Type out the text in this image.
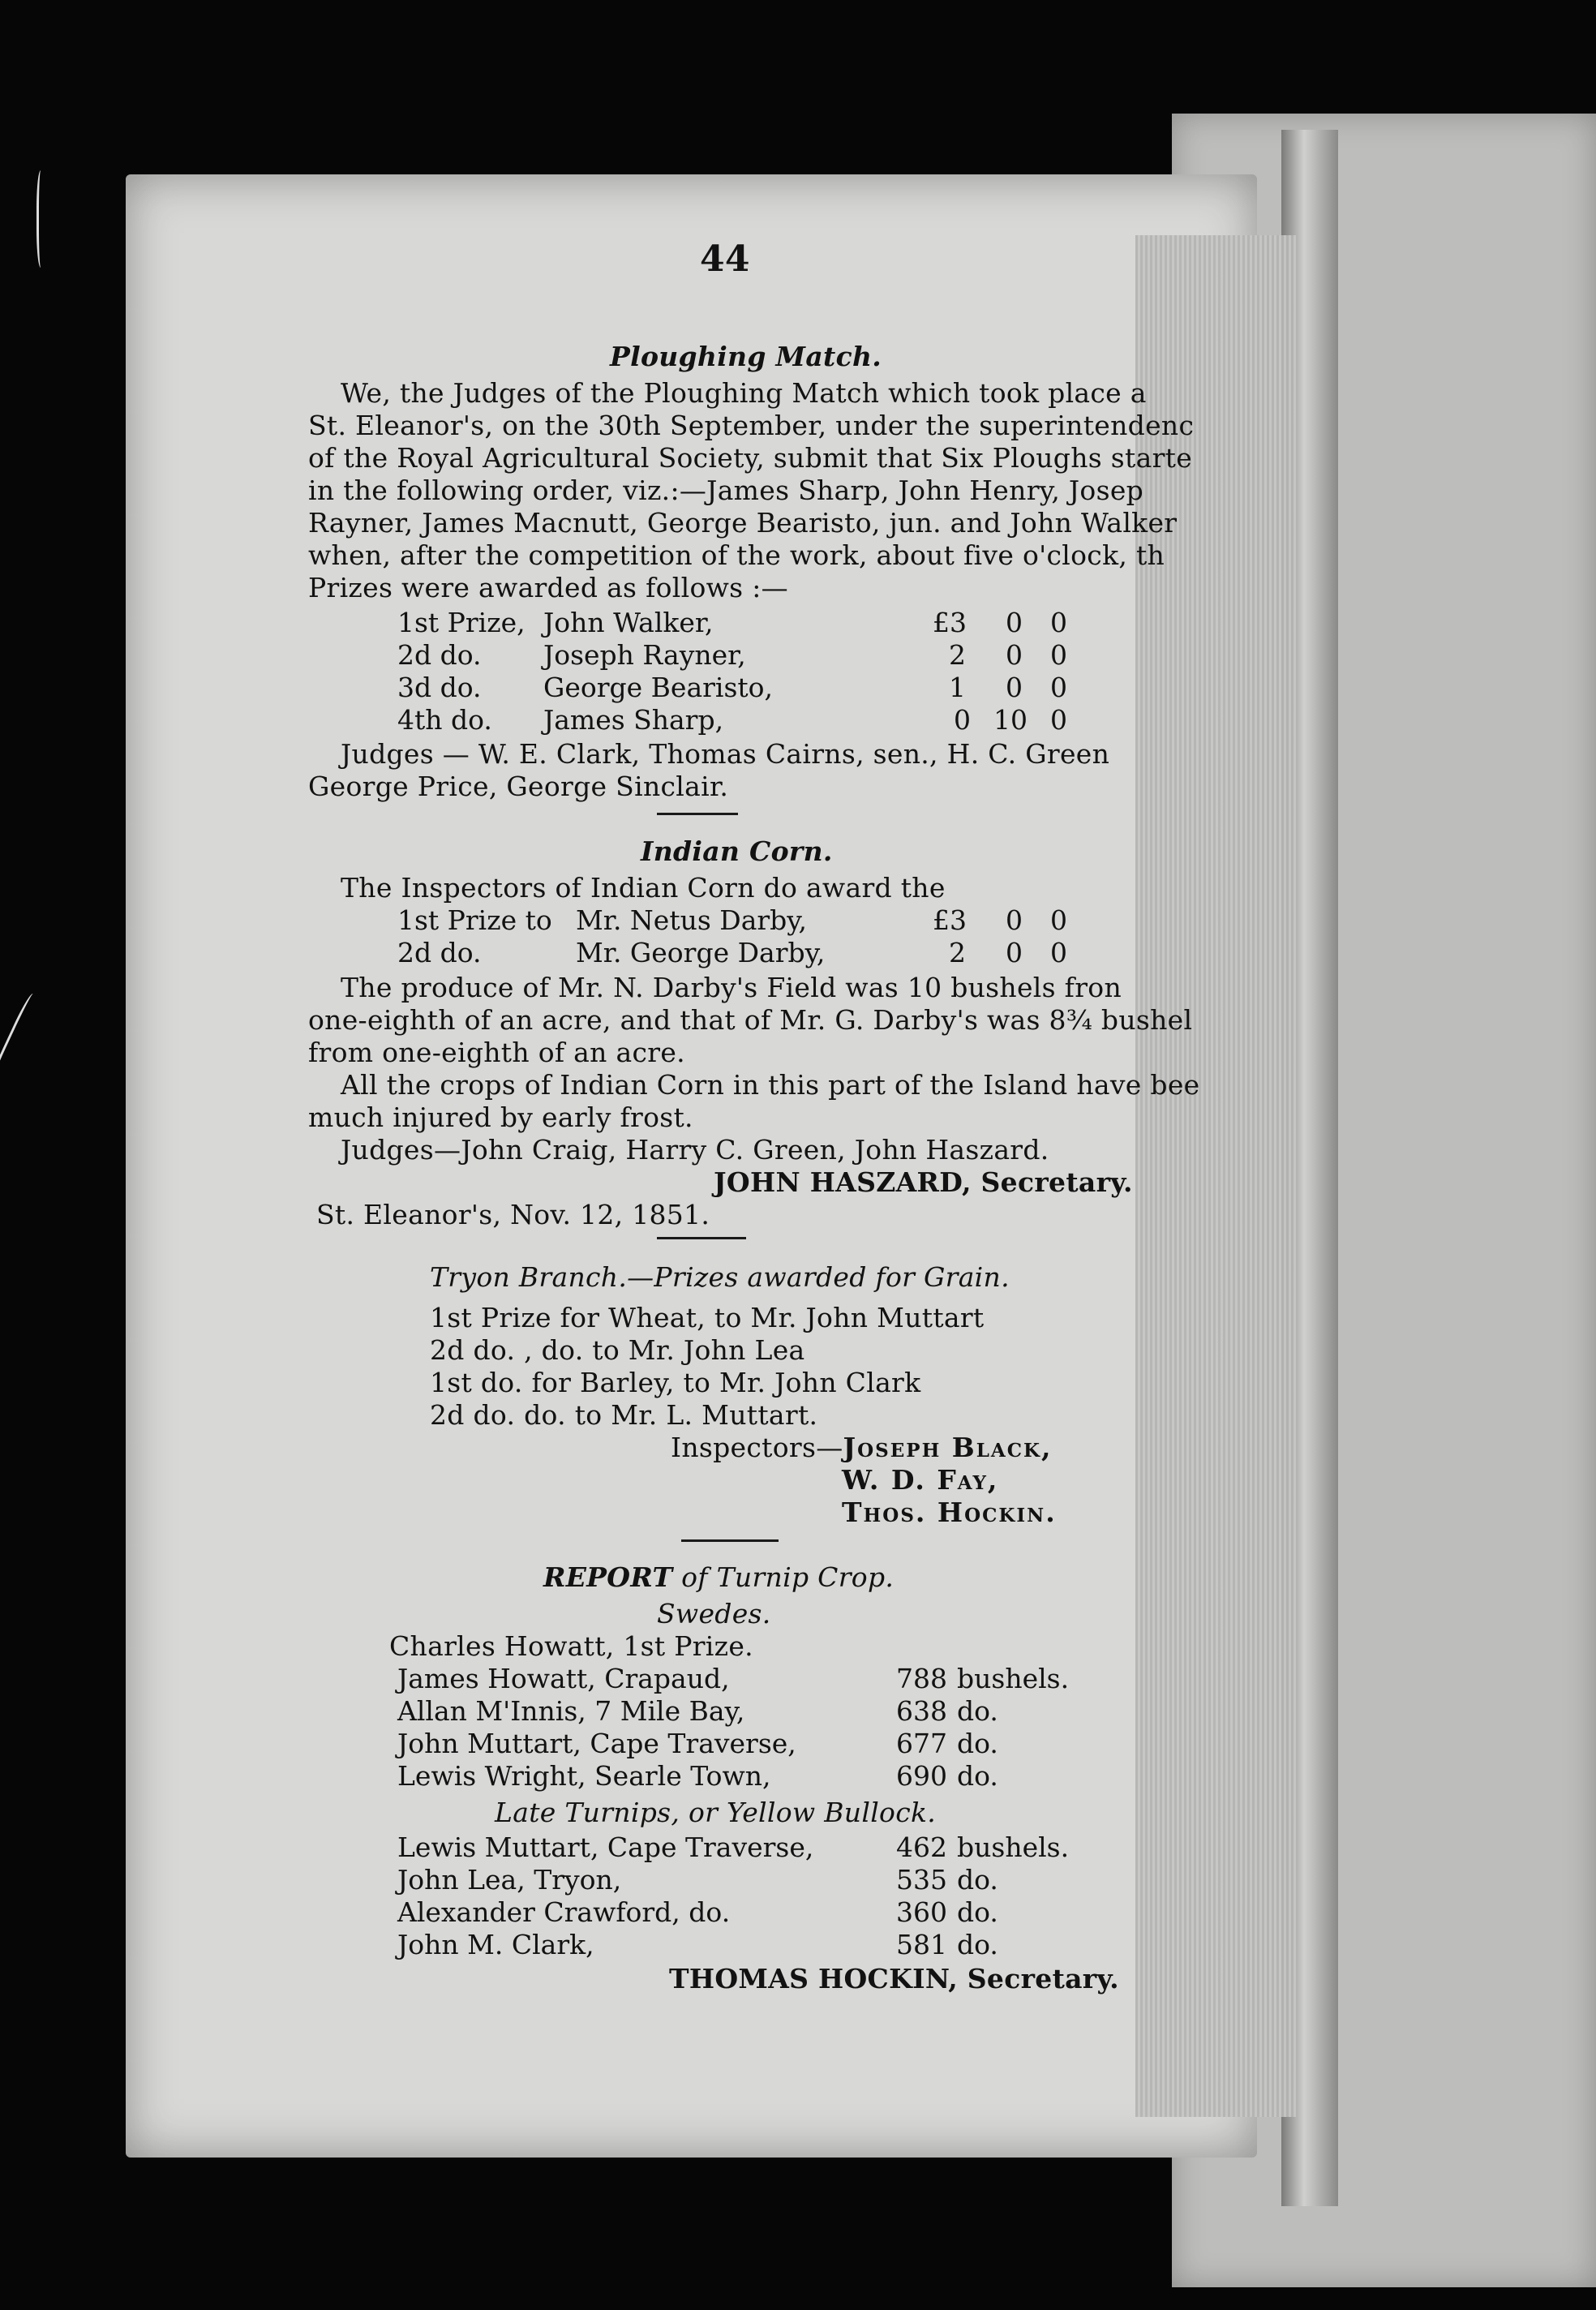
44
Ploughing Match.
We, the Judges of the Ploughing Match which took place a
St. Eleanor's, on the 30th September, under the superintendenc
of the Royal Agricultural Society, submit that Six Ploughs starte
in the following order, viz.:—James Sharp, John Henry, Josep
Rayner, James Macnutt, George Bearisto, jun. and John Walker
when, after the competition of the work, about five o'clock, th
Prizes were awarded as follows :—
1st Prize, John Walker,	£3 0 0
2d do. Joseph Rayner,	2 0 0
3d do. George Bearisto,	1 0 0
4th do. James Sharp,	0 10 0
Judges — W. E. Clark, Thomas Cairns, sen., H. C. Green
George Price, George Sinclair.
Indian Corn.
The Inspectors of Indian Corn do award the
1st Prize to Mr. Netus Darby,	£3 0 0
2d do.	Mr. George Darby,	2 0 0
The produce of Mr. N. Darby's Field was 10 bushels fron
one-eighth of an acre, and that of Mr. G. Darby's was 8¾ bushel
from one-eighth of an acre.
All the crops of Indian Corn in this part of the Island have bee
much injured by early frost.
Judges—John Craig, Harry C. Green, John Haszard.
JOHN HASZARD, Secretary.
St. Eleanor's, Nov. 12, 1851.
Tryon Branch.—Prizes awarded for Grain.
1st Prize for Wheat, to Mr. John Muttart
2d do. , do. to Mr. John Lea
1st do. for Barley, to Mr. John Clark
2d do. do. to Mr. L. Muttart.
Inspectors—Joseph Black,
W. D. Fay,
Thos. Hockin.
REPORT of Turnip Crop.
Swedes.
Charles Howatt, 1st Prize.
James Howatt, Crapaud,	788 bushels.
Allan M'Innis, 7 Mile Bay,	638 do.
John Muttart, Cape Traverse,	677 do.
Lewis Wright, Searle Town,	690 do.
Late Turnips, or Yellow Bullock.
Lewis Muttart, Cape Traverse,	462 bushels.
John Lea, Tryon,	535 do.
Alexander Crawford, do.	360 do.
John M. Clark,	581 do.
THOMAS HOCKIN, Secretary.
